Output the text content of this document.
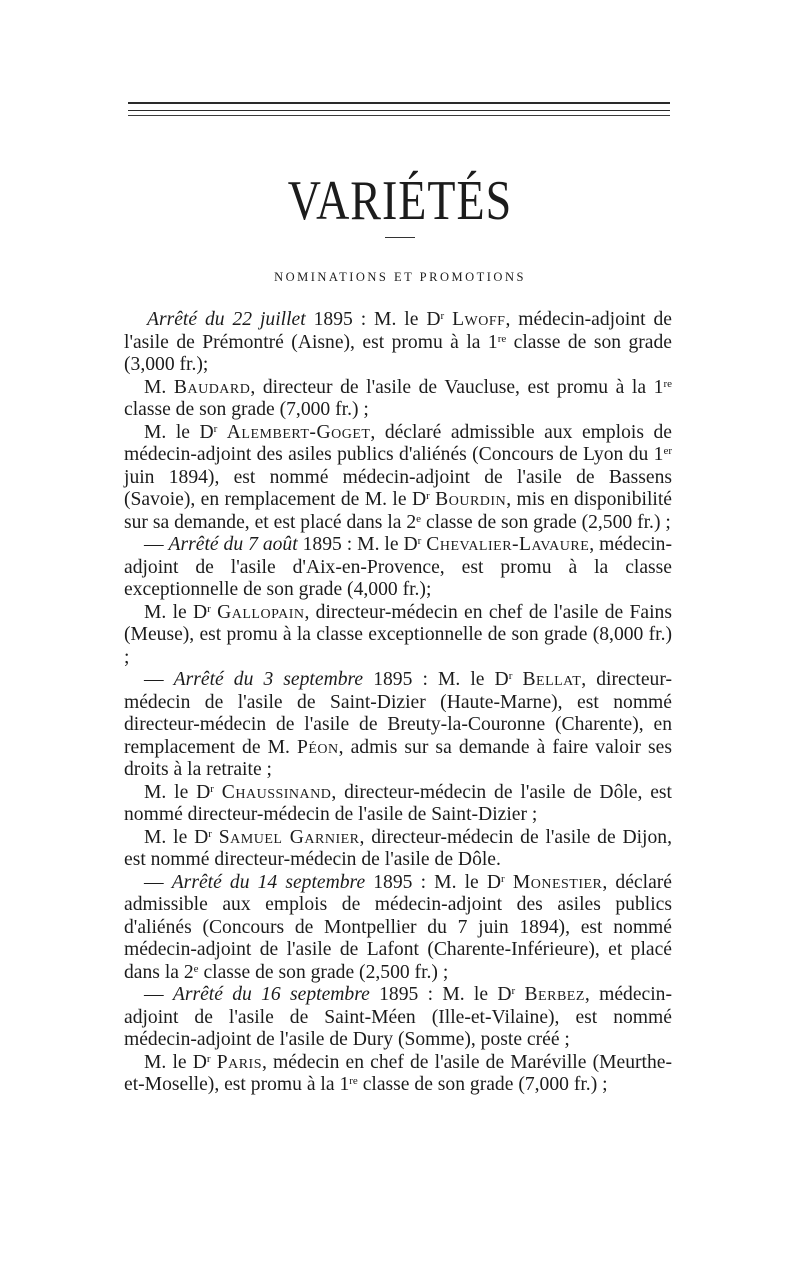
VARIÉTÉS
NOMINATIONS ET PROMOTIONS

Arrêté du 22 juillet 1895 : M. le $D^r$ Lwoff, médecin-adjoint de l'asile de Prémontré (Aisne), est promu à la 1re classe de son grade (3,000 fr.);

M. Baudard, directeur de l'asile de Vaucluse, est promu à la 1re classe de son grade (7,000 fr.) ;

M. le $D^r$ Alembert-Goget, déclaré admissible aux emplois de médecin-adjoint des asiles publics d'aliénés (Concours de Lyon du 1er juin 1894), est nommé médecin-adjoint de l'asile de Bassens (Savoie), en remplacement de M. le $D^r$ Bourdin, mis en disponibilité sur sa demande, et est placé dans la 2e classe de son grade (2,500 fr.) ;

— Arrêté du 7 août 1895 : M. le $D^r$ Chevalier-Lavaure, médecin-adjoint de l'asile d'Aix-en-Provence, est promu à la classe exceptionnelle de son grade (4,000 fr.);

M. le $D^r$ Gallopain, directeur-médecin en chef de l'asile de Fains (Meuse), est promu à la classe exceptionnelle de son grade (8,000 fr.) ;

— Arrêté du 3 septembre 1895 : M. le $D^r$ Bellat, directeur-médecin de l'asile de Saint-Dizier (Haute-Marne), est nommé directeur-médecin de l'asile de Breuty-la-Couronne (Charente), en remplacement de M. Péon, admis sur sa demande à faire valoir ses droits à la retraite ;

M. le $D^r$ Chaussinand, directeur-médecin de l'asile de Dôle, est nommé directeur-médecin de l'asile de Saint-Dizier ;

M. le $D^r$ Samuel Garnier, directeur-médecin de l'asile de Dijon, est nommé directeur-médecin de l'asile de Dôle.

— Arrêté du 14 septembre 1895 : M. le $D^r$ Monestier, déclaré admissible aux emplois de médecin-adjoint des asiles publics d'aliénés (Concours de Montpellier du 7 juin 1894), est nommé médecin-adjoint de l'asile de Lafont (Charente-Inférieure), et placé dans la 2e classe de son grade (2,500 fr.) ;

— Arrêté du 16 septembre 1895 : M. le $D^r$ Berbez, médecin-adjoint de l'asile de Saint-Méen (Ille-et-Vilaine), est nommé médecin-adjoint de l'asile de Dury (Somme), poste créé ;

M. le $D^r$ Paris, médecin en chef de l'asile de Maréville (Meurthe-et-Moselle), est promu à la 1re classe de son grade (7,000 fr.) ;
